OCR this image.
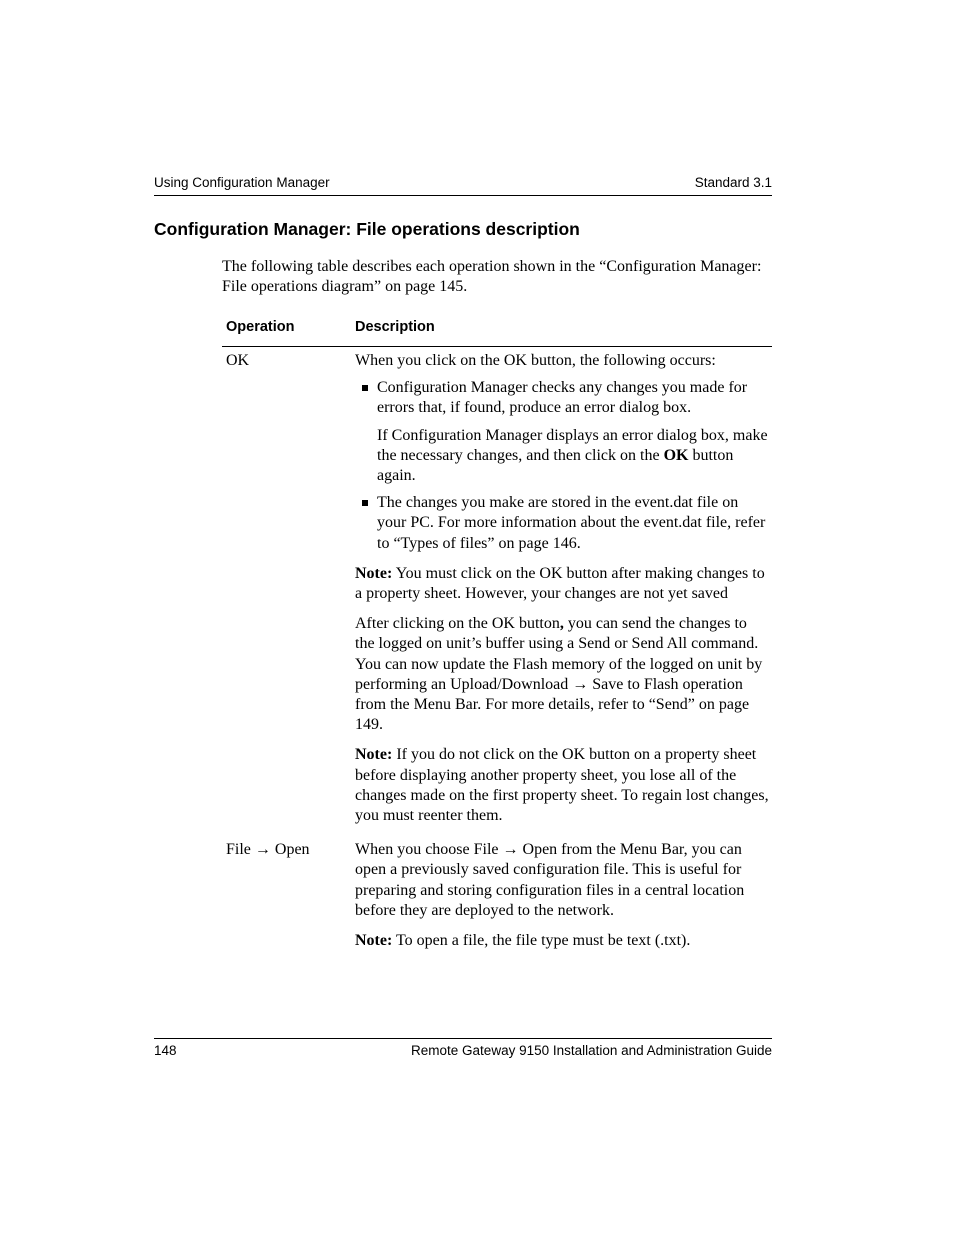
Using Configuration Manager	Standard 3.1
Configuration Manager: File operations description

The following table describes each operation shown in the “Configuration Manager: File operations diagram” on page 145.

Operation	Description
OK	When you click on the OK button, the following occurs:

Configuration Manager checks any changes you made for errors that, if found, produce an error dialog box.

If Configuration Manager displays an error dialog box, make the necessary changes, and then click on the OK button again.

The changes you make are stored in the event.dat file on your PC. For more information about the event.dat file, refer to “Types of files” on page 146.

Note: You must click on the OK button after making changes to a property sheet. However, your changes are not yet saved

After clicking on the OK button, you can send the changes to the logged on unit’s buffer using a Send or Send All command. You can now update the Flash memory of the logged on unit by performing an Upload/Download → Save to Flash operation from the Menu Bar. For more details, refer to “Send” on page 149.

Note: If you do not click on the OK button on a property sheet before displaying another property sheet, you lose all of the changes made on the first property sheet. To regain lost changes, you must reenter them.

File → Open	When you choose File → Open from the Menu Bar, you can open a previously saved configuration file. This is useful for preparing and storing configuration files in a central location before they are deployed to the network.

Note: To open a file, the file type must be text (.txt).

148	Remote Gateway 9150 Installation and Administration Guide
